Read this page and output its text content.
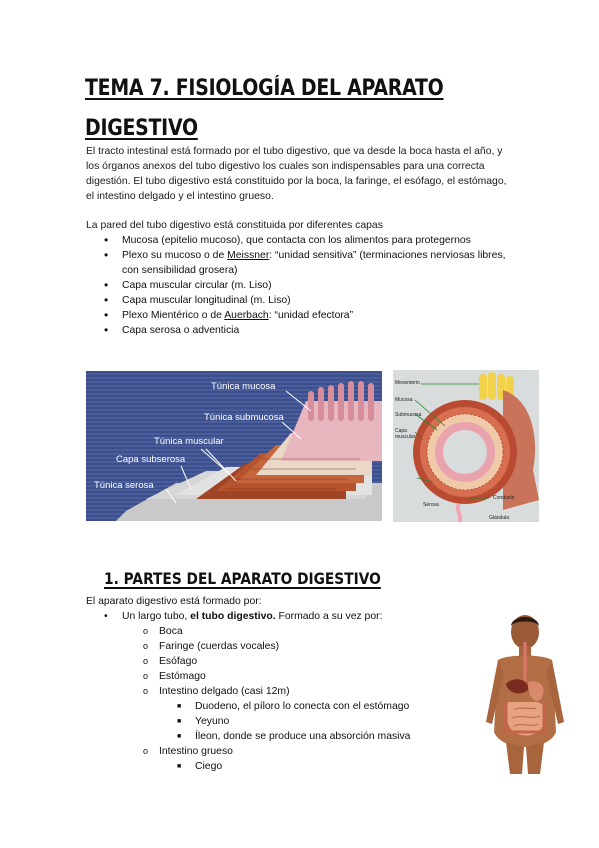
TEMA 7. FISIOLOGÍA DEL APARATO
DIGESTIVO
El tracto intestinal está formado por el tubo digestivo, que va desde la boca hasta el año, y los órganos anexos del tubo digestivo los cuales son indispensables para una correcta digestión. El tubo digestivo está constituido por la boca, la faringe, el esófago, el estómago, el intestino delgado y el intestino grueso.
La pared del tubo digestivo está constituida por diferentes capas
• Mucosa (epitelio mucoso), que contacta con los alimentos para protegernos
• Plexo su mucoso o de Meissner: “unidad sensitiva” (terminaciones nerviosas libres, con sensibilidad grosera)
• Capa muscular circular (m. Liso)
• Capa muscular longitudinal (m. Liso)
• Plexo Mientérico o de Auerbach: “unidad efectora”
• Capa serosa o adventicia
Túnica mucosa
Túnica submucosa
Túnica muscular
Capa subserosa
Túnica serosa
Mesenterio
Mucosa
Submucosa
Capa muscular
Serosa
Conducto
Glándula
1. PARTES DEL APARATO DIGESTIVO
El aparato digestivo está formado por:
• Un largo tubo, el tubo digestivo. Formado a su vez por:
o Boca
o Faringe (cuerdas vocales)
o Esófago
o Estómago
o Intestino delgado (casi 12m)
■ Duodeno, el píloro lo conecta con el estómago
■ Yeyuno
■ Íleon, donde se produce una absorción masiva
o Intestino grueso
■ Ciego
